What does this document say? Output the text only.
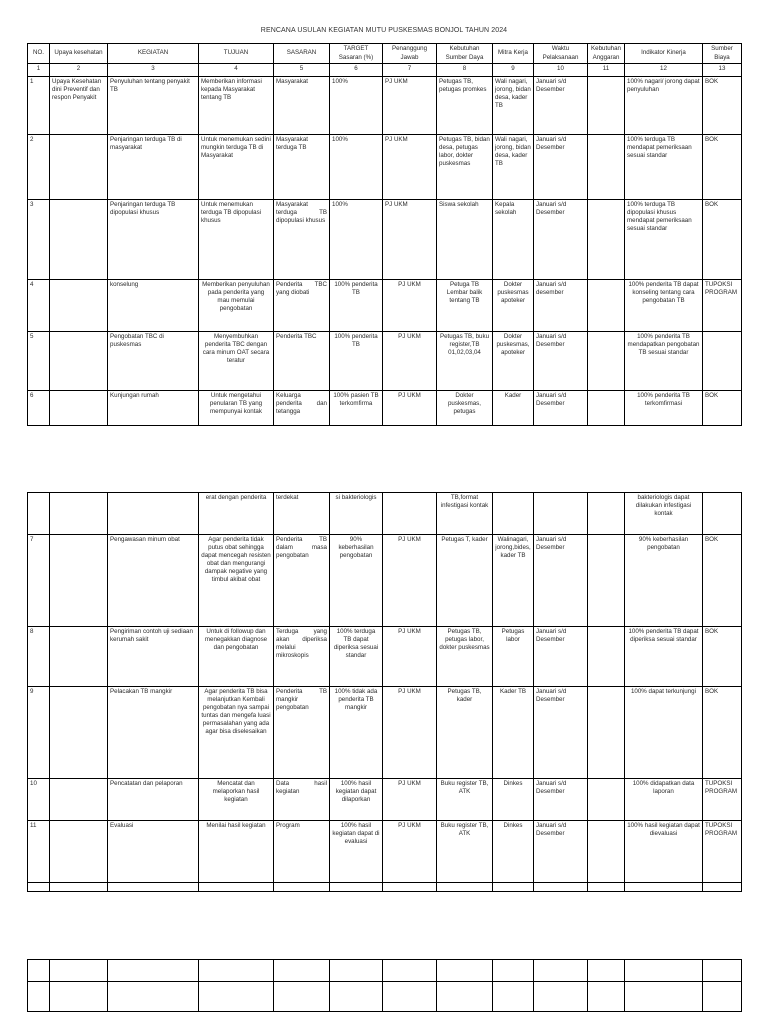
RENCANA USULAN KEGIATAN MUTU PUSKESMAS BONJOL TAHUN 2024
NO.	Upaya kesehatan	KEGIATAN	TUJUAN	SASARAN	TARGET Sasaran (%)	Penanggung Jawab	Kebutuhan Sumber Daya	Mitra Kerja	Waktu Pelaksanaan	Kebutuhan Anggaran	Indikator Kinerja	Sumber Biaya
1	2	3	4	5	6	7	8	9	10	11	12	13
1	Upaya Kesehatan dini Preventif dan respon Penyakit	Penyuluhan tentang penyakit TB	Memberikan informasi kepada Masyarakat tentang TB	Masyarakat	100%	PJ UKM	Petugas TB, petugas promkes	Wali nagari, jorong, bidan desa, kader TB	Januari s/d Desember		100% nagari/ jorong dapat penyuluhan	BOK
2		Penjaringan terduga TB di masyarakat	Untuk menemukan sedini mungkin terduga TB di Masyarakat	Masyarakat terduga TB	100%	PJ UKM	Petugas TB, bidan desa, petugas labor, dokter puskesmas	Wali nagari, jorong, bidan desa, kader TB	Januari s/d Desember		100% terduga TB mendapat pemeriksaan sesuai standar	BOK
3		Penjaringan terduga TB dipopulasi khusus	Untuk menemukan terduga TB dipopulasi khusus	Masyarakat terduga TB dipopulasi khusus	100%	PJ UKM	Siswa sekolah	Kepala sekolah	Januari s/d Desember		100% terduga TB dipopulasi khusus mendapat pemeriksaan sesuai standar	BOK
4		konselung	Memberikan penyuluhan pada penderita yang mau memulai pengobatan	Penderita TBC yang diobati	100% penderita TB	PJ UKM	Petuga TB Lembar balik tentang TB	Dokter puskesmas apoteker	Januari s/d desember		100% penderita TB dapat konseling tentang cara pengobatan TB	TUPOKSI PROGRAM
5		Pengobatan TBC di puskesmas	Menyembuhkan penderita TBC dengan cara minum OAT secara teratur	Penderita TBC	100% penderita TB	PJ UKM	Petugas TB, buku register,TB 01,02,03,04	Dokter puskesmas, apoteker	Januari s/d Desember		100% penderita TB mendapatkan pengobatan TB sesuai standar	
6		Kunjungan rumah	Untuk mengetahui penularan TB yang mempunyai kontak	Keluarga penderita dan tetangga	100% pasien TB terkomfirma	PJ UKM	Dokter puskesmas, petugas	Kader	Januari s/d Desember		100% penderita TB terkomfirmasi	BOK
			erat dengan penderita	terdekat	si bakteriologis		TB,format infestigasi kontak				bakteriologis dapat dilakukan infestigasi kontak	
7		Pengawasan minum obat	Agar penderita tidak putus obat sehingga dapat mencegah resisten obat dan mengurangi dampak negative yang timbul akibat obat	Penderita TB dalam masa pengobatan	90% keberhasilan pengobatan	PJ UKM	Petugas T, kader	Walinagari, jorong,bides,kader TB	Januari s/d Desember		90% keberhasilan pengobatan	BOK
8		Pengiriman contoh uji sediaan kerumah sakit	Untuk di followup dan menegakkan diagnose dan pengobatan	Terduga yang akan diperiksa melalui mikroskopis	100% terduga TB dapat diperiksa sesuai standar	PJ UKM	Petugas TB, petugas labor, dokter puskesmas	Petugas labor	Januari s/d Desember		100% penderita TB dapat diperiksa sesuai standar	BOK
9		Pelacakan TB mangkir	Agar penderita TB bisa melanjutkan Kembali pengobatan nya sampai tuntas dan mengefa luasi permasalahan yang ada agar bisa diselesaikan	Penderita TB mangkir pengobatan	100% tidak ada penderita TB mangkir	PJ UKM	Petugas TB, kader	Kader TB	Januari s/d Desember		100% dapat terkunjungi	BOK
10		Pencatatan dan pelaporan	Mencatat dan melaporkan hasil kegiatan	Data hasil kegiatan	100% hasil kegiatan dapat dilaporkan	PJ UKM	Buku register TB, ATK	Dinkes	Januari s/d Desember		100% didapatkan data laporan	TUPOKSI PROGRAM
11		Evaluasi	Menilai hasil kegiatan	Program	100% hasil kegiatan dapat di evaluasi	PJ UKM	Buku register TB, ATK	Dinkes	Januari s/d Desember		100% hasil kegiatan dapat dievaluasi	TUPOKSI PROGRAM
